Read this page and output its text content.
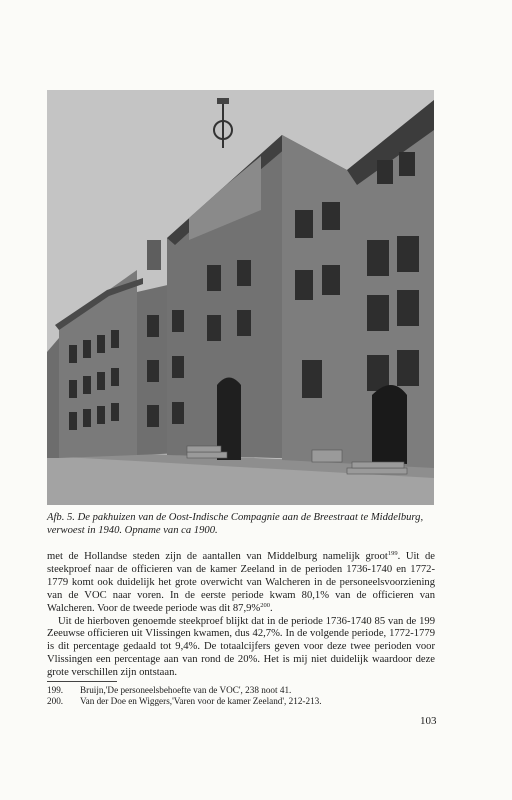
Afb. 5. De pakhuizen van de Oost-Indische Compagnie aan de Breestraat te Middelburg, verwoest in 1940. Opname van ca 1900.

met de Hollandse steden zijn de aantallen van Middelburg namelijk groot$^{199}$. Uit de steekproef naar de officieren van de kamer Zeeland in de perioden 1736-1740 en 1772-1779 komt ook duidelijk het grote overwicht van Walcheren in de personeelsvoorziening van de VOC naar voren. In de eerste periode kwam 80,1% van de officieren van Walcheren. Voor de tweede periode was dit 87,9%$^{200}$.

Uit de hierboven genoemde steekproef blijkt dat in de periode 1736-1740 85 van de 199 Zeeuwse officieren uit Vlissingen kwamen, dus 42,7%. In de volgende periode, 1772-1779 is dit percentage gedaald tot 9,4%. De totaalcijfers geven voor deze twee perioden voor Vlissingen een percentage aan van rond de 20%. Het is mij niet duidelijk waardoor deze grote verschillen zijn ontstaan.

199.	Bruijn,'De personeelsbehoefte van de VOC', 238 noot 41.
200.	Van der Doe en Wiggers,'Varen voor de kamer Zeeland', 212-213.
103
